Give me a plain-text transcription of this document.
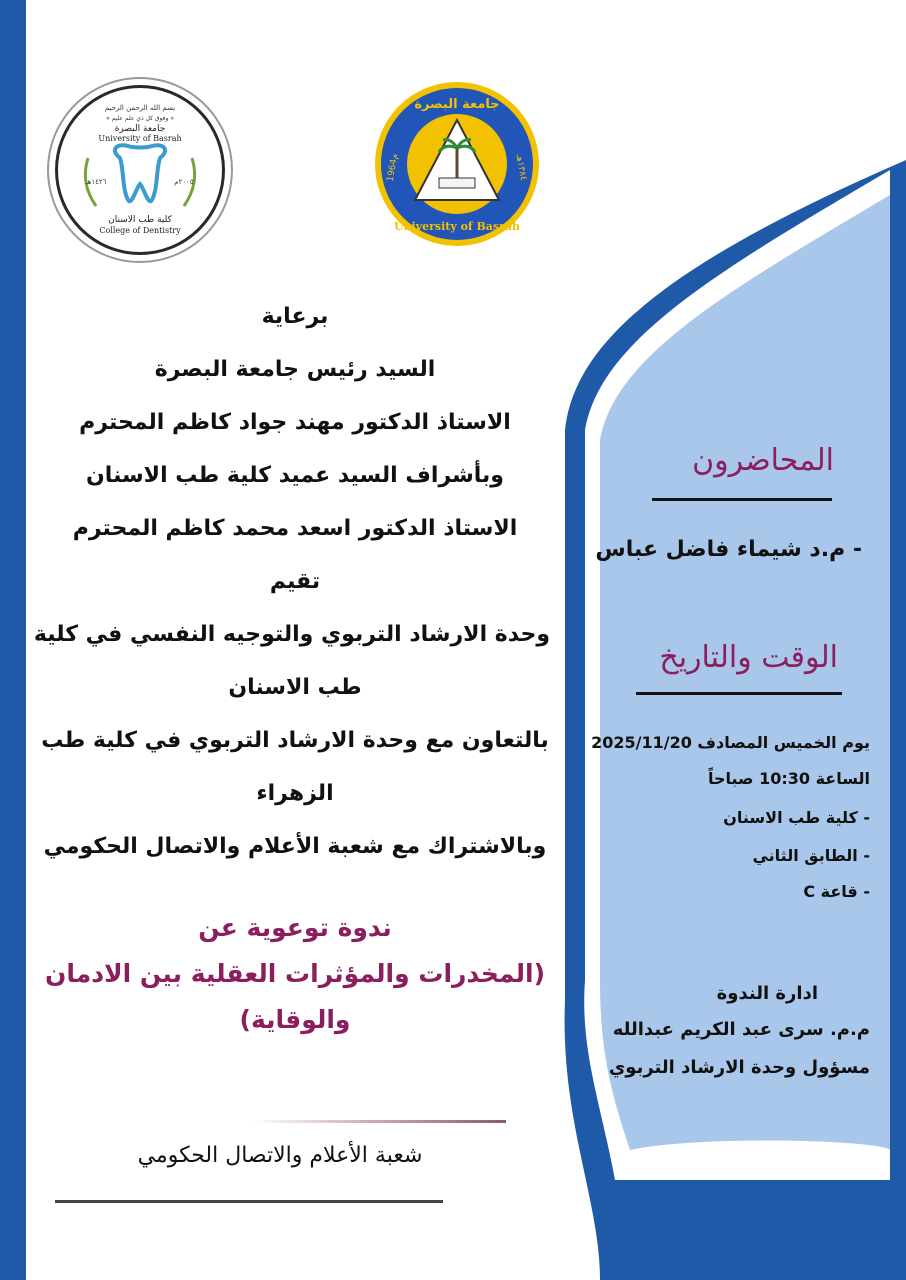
بسم الله الرحمن الرحيم
« وفوق كل ذي علم عليم »
جامعة البصرة
University of Basrah
١٤٢٦هـ	٢٠٠٥م
كلية طب الاسنان
College of Dentistry
جامعة البصرة
University of Basrah
1964م	١٣٨٤هـ
برعاية
السيد رئيس جامعة البصرة
الاستاذ الدكتور مهند جواد كاظم المحترم
وبأشراف السيد عميد كلية طب الاسنان
الاستاذ الدكتور اسعد محمد كاظم المحترم
تقيم
وحدة الارشاد التربوي والتوجيه النفسي في كلية
طب الاسنان
بالتعاون مع وحدة الارشاد التربوي في كلية طب
الزهراء
وبالاشتراك مع شعبة الأعلام والاتصال الحكومي
ندوة توعوية عن
(المخدرات والمؤثرات العقلية بين الادمان
والوقاية)
شعبة الأعلام والاتصال الحكومي
المحاضرون
- م.د شيماء فاضل عباس
الوقت والتاريخ
يوم الخميس المصادف 2025/11/20
الساعة 10:30 صباحاً
- كلية طب الاسنان
- الطابق الثاني
- قاعة C
ادارة الندوة
م.م. سرى عبد الكريم عبدالله
مسؤول وحدة الارشاد التربوي
